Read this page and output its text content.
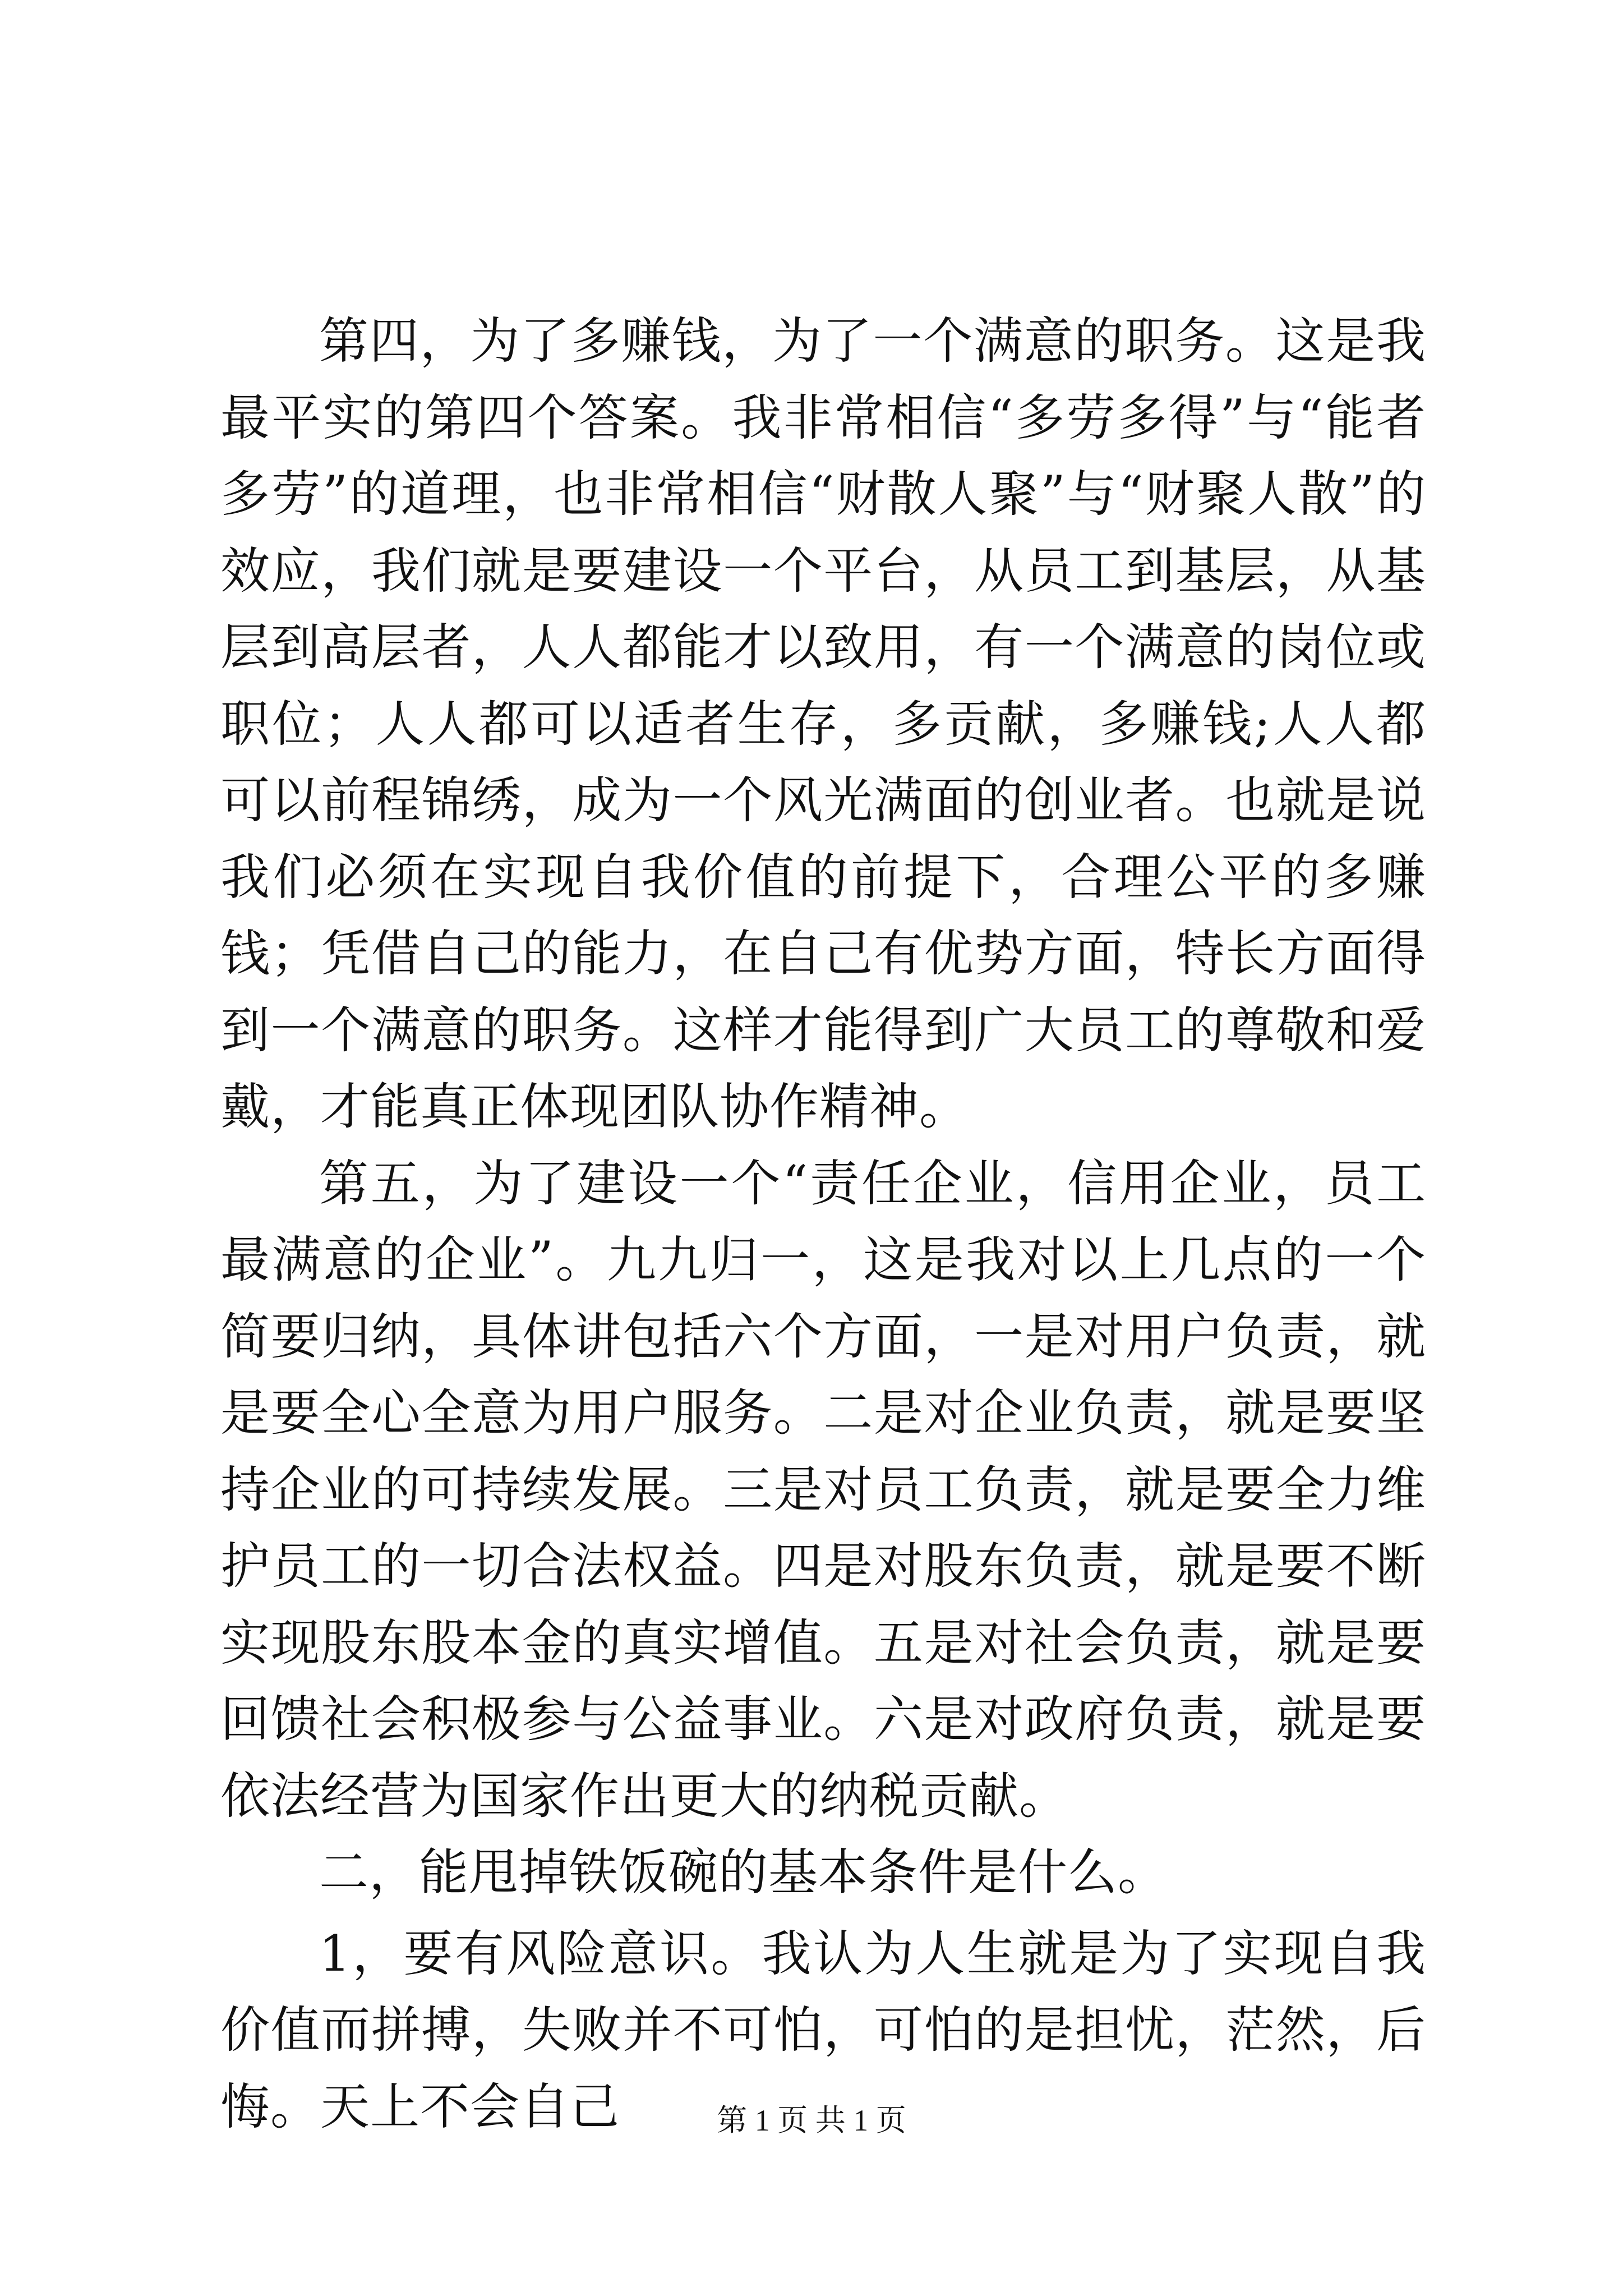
第四，为了多赚钱，为了一个满意的职务。这是我最平实的第四个答案。我非常相信“多劳多得”与“能者多劳”的道理，也非常相信“财散人聚”与“财聚人散”的效应，我们就是要建设一个平台，从员工到基层，从基层到高层者，人人都能才以致用，有一个满意的岗位或职位；人人都可以适者生存，多贡献，多赚钱;人人都可以前程锦绣，成为一个风光满面的创业者。也就是说我们必须在实现自我价值的前提下，合理公平的多赚钱；凭借自己的能力，在自己有优势方面，特长方面得到一个满意的职务。这样才能得到广大员工的尊敬和爱戴，才能真正体现团队协作精神。

第五，为了建设一个“责任企业，信用企业，员工最满意的企业”。九九归一，这是我对以上几点的一个简要归纳，具体讲包括六个方面，一是对用户负责，就是要全心全意为用户服务。二是对企业负责，就是要坚持企业的可持续发展。三是对员工负责，就是要全力维护员工的一切合法权益。四是对股东负责，就是要不断实现股东股本金的真实增值。五是对社会负责，就是要回馈社会积极参与公益事业。六是对政府负责，就是要依法经营为国家作出更大的纳税贡献。

二，能甩掉铁饭碗的基本条件是什么。

1，要有风险意识。我认为人生就是为了实现自我价值而拼搏，失败并不可怕，可怕的是担忧，茫然，后悔。天上不会自己	第 1 页 共 1 页
